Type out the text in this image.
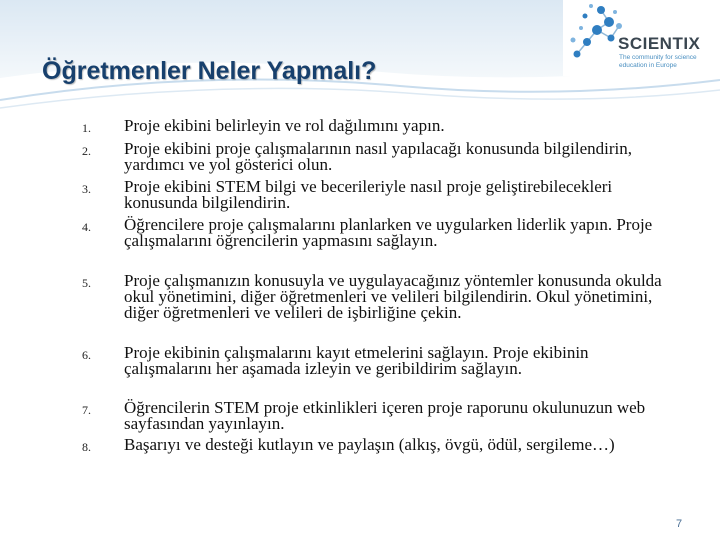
Öğretmenler Neler Yapmalı?
SCIENTIX
The community for science education in Europe
1.	Proje ekibini belirleyin ve rol dağılımını yapın.
2.	Proje ekibini proje çalışmalarının nasıl yapılacağı konusunda bilgilendirin, yardımcı ve yol gösterici olun.
3.	Proje ekibini STEM bilgi ve becerileriyle nasıl proje geliştirebilecekleri konusunda bilgilendirin.
4.	Öğrencilere proje çalışmalarını planlarken ve uygularken liderlik yapın. Proje çalışmalarını öğrencilerin yapmasını sağlayın.
5.	Proje çalışmanızın konusuyla ve uygulayacağınız yöntemler konusunda okulda okul yönetimini, diğer öğretmenleri ve velileri bilgilendirin. Okul yönetimini, diğer öğretmenleri ve velileri de işbirliğine çekin.
6.	Proje ekibinin çalışmalarını kayıt etmelerini sağlayın. Proje ekibinin çalışmalarını her aşamada izleyin ve geribildirim sağlayın.
7.	Öğrencilerin STEM proje etkinlikleri içeren proje raporunu okulunuzun web sayfasından yayınlayın.
8.	Başarıyı ve desteği kutlayın ve paylaşın (alkış, övgü, ödül, sergileme…)
7
